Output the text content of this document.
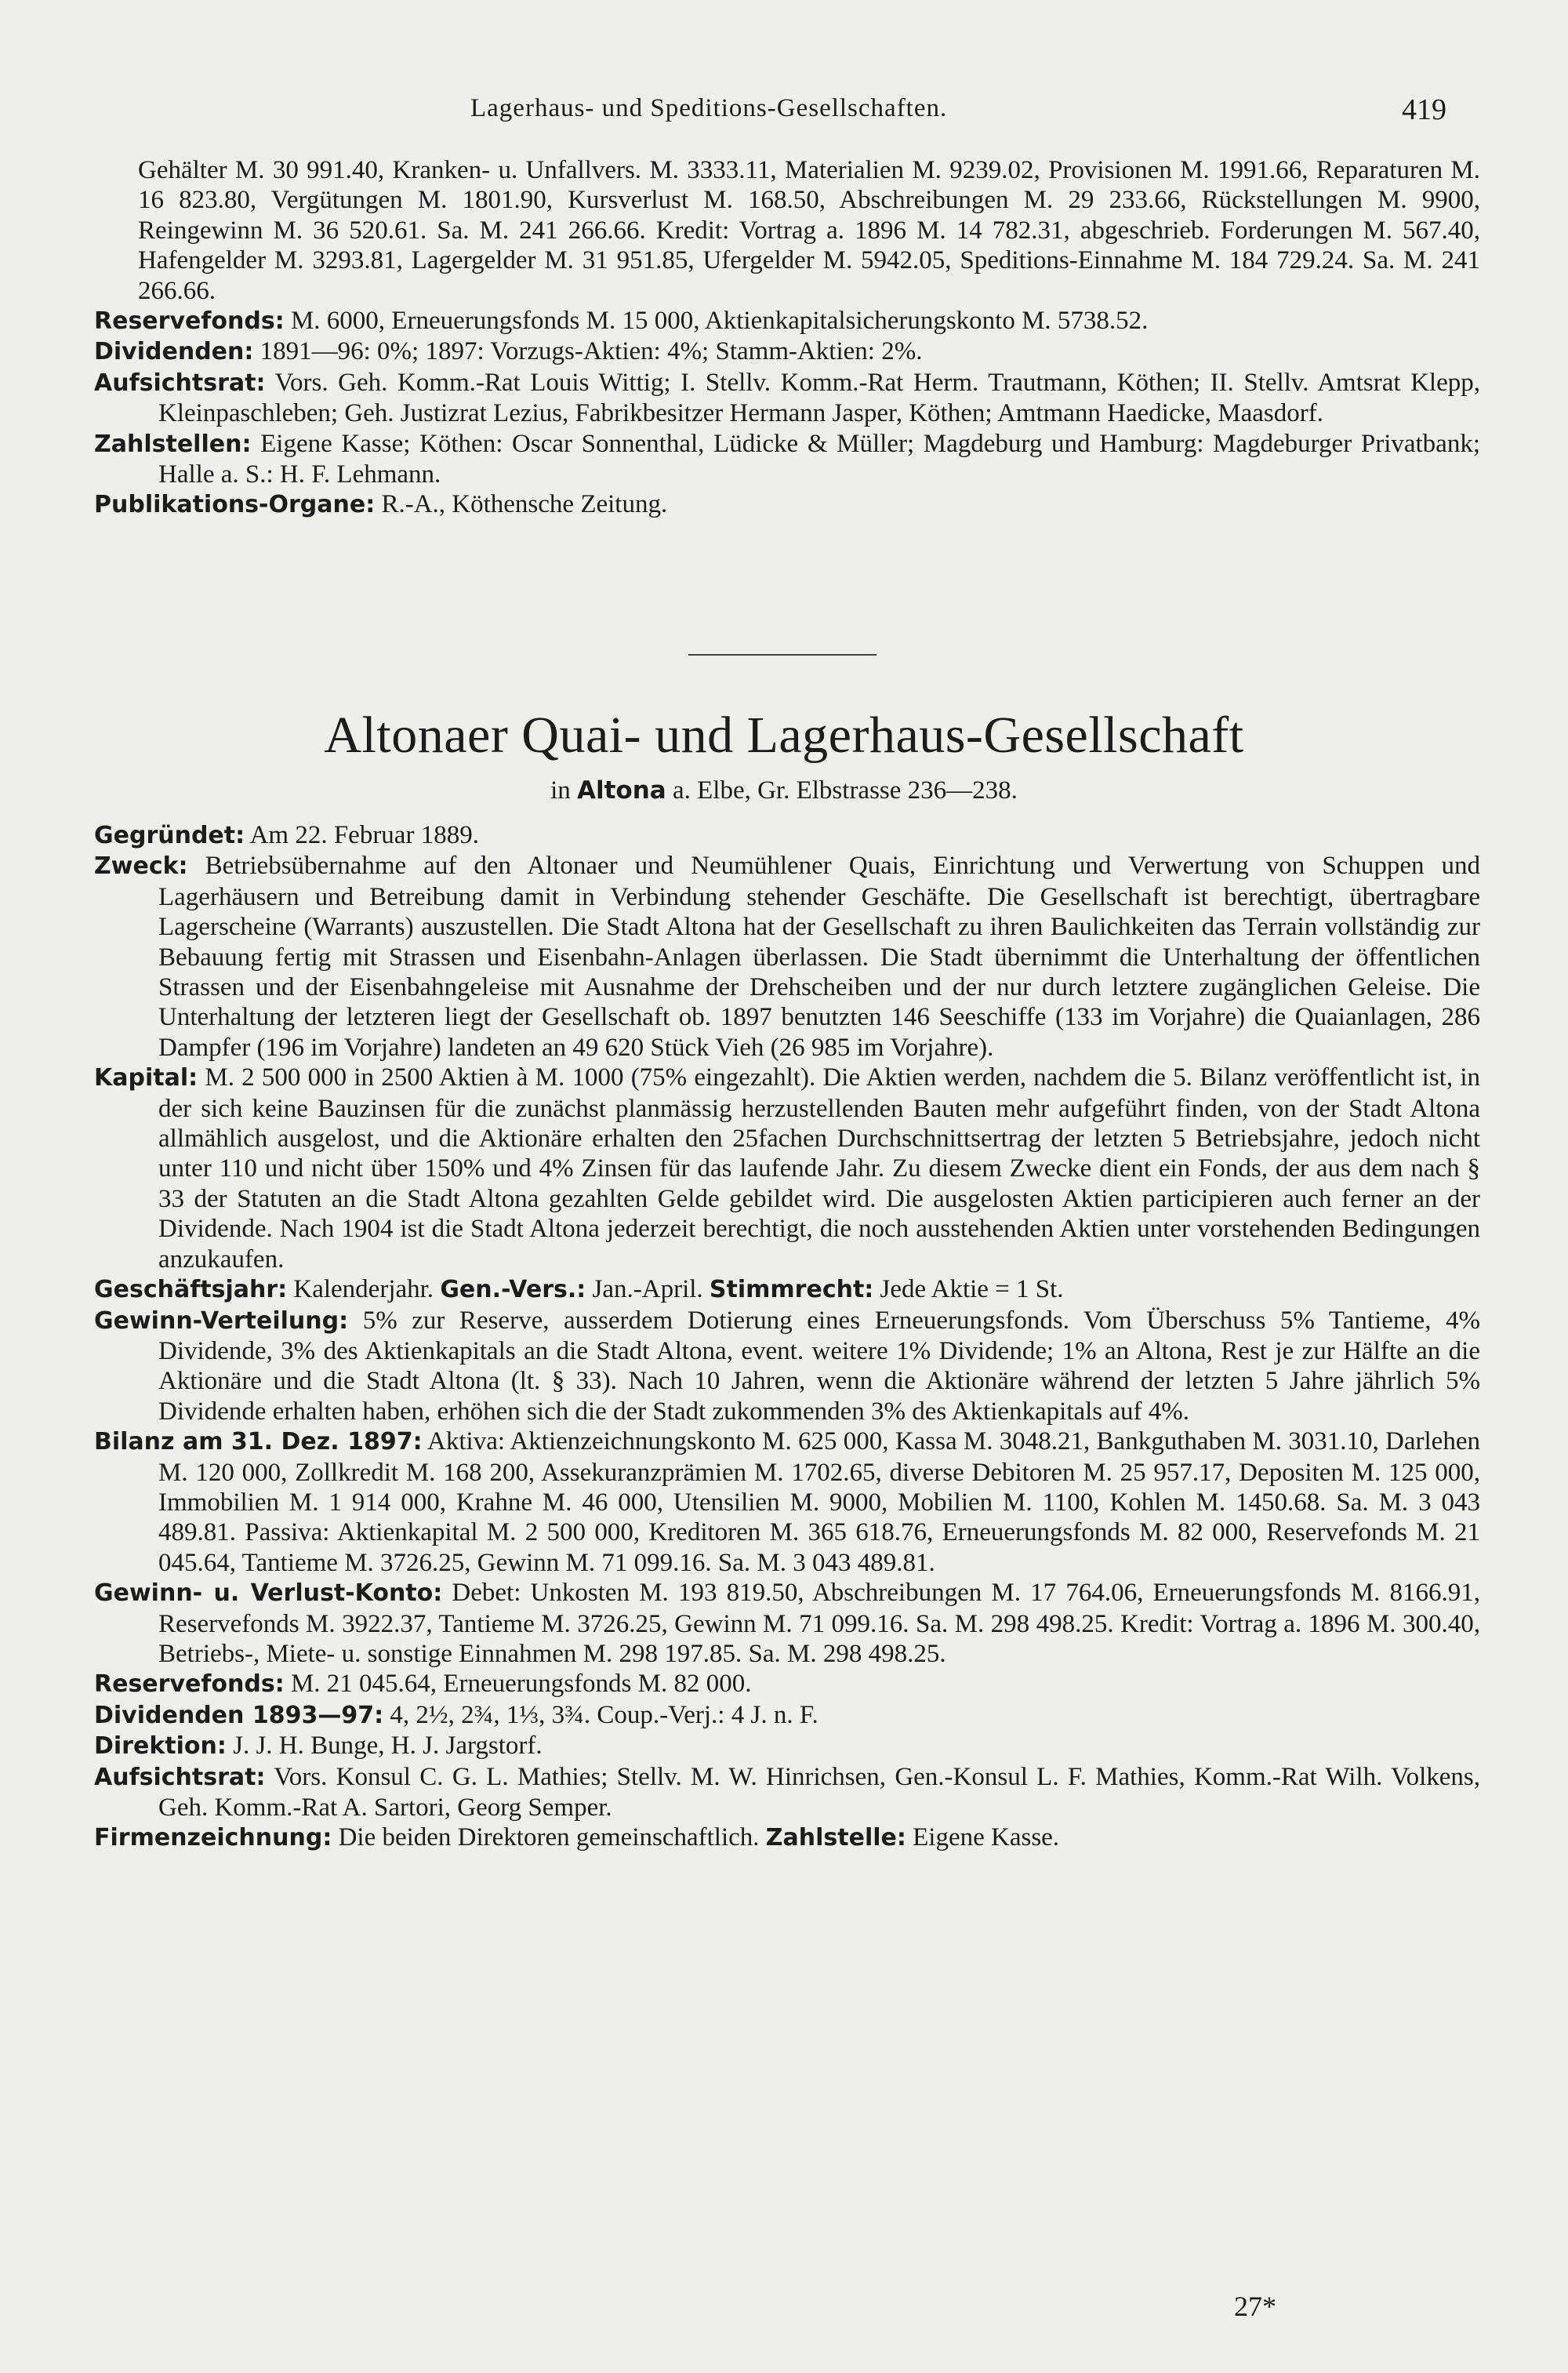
Lagerhaus- und Speditions-Gesellschaften.	419

Gehälter M. 30 991.40, Kranken- u. Unfallvers. M. 3333.11, Materialien M. 9239.02, Provisionen M. 1991.66, Reparaturen M. 16 823.80, Vergütungen M. 1801.90, Kursverlust M. 168.50, Abschreibungen M. 29 233.66, Rückstellungen M. 9900, Reingewinn M. 36 520.61. Sa. M. 241 266.66. Kredit: Vortrag a. 1896 M. 14 782.31, abgeschrieb. Forderungen M. 567.40, Hafengelder M. 3293.81, Lagergelder M. 31 951.85, Ufergelder M. 5942.05, Speditions-Einnahme M. 184 729.24. Sa. M. 241 266.66.

Reservefonds: M. 6000, Erneuerungsfonds M. 15 000, Aktienkapitalsicherungskonto M. 5738.52.

Dividenden: 1891—96: 0%; 1897: Vorzugs-Aktien: 4%; Stamm-Aktien: 2%.

Aufsichtsrat: Vors. Geh. Komm.-Rat Louis Wittig; I. Stellv. Komm.-Rat Herm. Trautmann, Köthen; II. Stellv. Amtsrat Klepp, Kleinpaschleben; Geh. Justizrat Lezius, Fabrikbesitzer Hermann Jasper, Köthen; Amtmann Haedicke, Maasdorf.

Zahlstellen: Eigene Kasse; Köthen: Oscar Sonnenthal, Lüdicke & Müller; Magdeburg und Hamburg: Magdeburger Privatbank; Halle a. S.: H. F. Lehmann.

Publikations-Organe: R.-A., Köthensche Zeitung.

Altonaer Quai- und Lagerhaus-Gesellschaft
in Altona a. Elbe, Gr. Elbstrasse 236—238.

Gegründet: Am 22. Februar 1889.

Zweck: Betriebsübernahme auf den Altonaer und Neumühlener Quais, Einrichtung und Verwertung von Schuppen und Lagerhäusern und Betreibung damit in Verbindung stehender Geschäfte. Die Gesellschaft ist berechtigt, übertragbare Lagerscheine (Warrants) auszustellen. Die Stadt Altona hat der Gesellschaft zu ihren Baulichkeiten das Terrain vollständig zur Bebauung fertig mit Strassen und Eisenbahn-Anlagen überlassen. Die Stadt übernimmt die Unterhaltung der öffentlichen Strassen und der Eisenbahngeleise mit Ausnahme der Drehscheiben und der nur durch letztere zugänglichen Geleise. Die Unterhaltung der letzteren liegt der Gesellschaft ob. 1897 benutzten 146 Seeschiffe (133 im Vorjahre) die Quaianlagen, 286 Dampfer (196 im Vorjahre) landeten an 49 620 Stück Vieh (26 985 im Vorjahre).

Kapital: M. 2 500 000 in 2500 Aktien à M. 1000 (75% eingezahlt). Die Aktien werden, nachdem die 5. Bilanz veröffentlicht ist, in der sich keine Bauzinsen für die zunächst planmässig herzustellenden Bauten mehr aufgeführt finden, von der Stadt Altona allmählich ausgelost, und die Aktionäre erhalten den 25fachen Durchschnittsertrag der letzten 5 Betriebsjahre, jedoch nicht unter 110 und nicht über 150% und 4% Zinsen für das laufende Jahr. Zu diesem Zwecke dient ein Fonds, der aus dem nach § 33 der Statuten an die Stadt Altona gezahlten Gelde gebildet wird. Die ausgelosten Aktien participieren auch ferner an der Dividende. Nach 1904 ist die Stadt Altona jederzeit berechtigt, die noch ausstehenden Aktien unter vorstehenden Bedingungen anzukaufen.

Geschäftsjahr: Kalenderjahr. Gen.-Vers.: Jan.-April. Stimmrecht: Jede Aktie = 1 St.

Gewinn-Verteilung: 5% zur Reserve, ausserdem Dotierung eines Erneuerungsfonds. Vom Überschuss 5% Tantieme, 4% Dividende, 3% des Aktienkapitals an die Stadt Altona, event. weitere 1% Dividende; 1% an Altona, Rest je zur Hälfte an die Aktionäre und die Stadt Altona (lt. § 33). Nach 10 Jahren, wenn die Aktionäre während der letzten 5 Jahre jährlich 5% Dividende erhalten haben, erhöhen sich die der Stadt zukommenden 3% des Aktienkapitals auf 4%.

Bilanz am 31. Dez. 1897: Aktiva: Aktienzeichnungskonto M. 625 000, Kassa M. 3048.21, Bankguthaben M. 3031.10, Darlehen M. 120 000, Zollkredit M. 168 200, Assekuranzprämien M. 1702.65, diverse Debitoren M. 25 957.17, Depositen M. 125 000, Immobilien M. 1 914 000, Krahne M. 46 000, Utensilien M. 9000, Mobilien M. 1100, Kohlen M. 1450.68. Sa. M. 3 043 489.81. Passiva: Aktienkapital M. 2 500 000, Kreditoren M. 365 618.76, Erneuerungsfonds M. 82 000, Reservefonds M. 21 045.64, Tantieme M. 3726.25, Gewinn M. 71 099.16. Sa. M. 3 043 489.81.

Gewinn- u. Verlust-Konto: Debet: Unkosten M. 193 819.50, Abschreibungen M. 17 764.06, Erneuerungsfonds M. 8166.91, Reservefonds M. 3922.37, Tantieme M. 3726.25, Gewinn M. 71 099.16. Sa. M. 298 498.25. Kredit: Vortrag a. 1896 M. 300.40, Betriebs-, Miete- u. sonstige Einnahmen M. 298 197.85. Sa. M. 298 498.25.

Reservefonds: M. 21 045.64, Erneuerungsfonds M. 82 000.

Dividenden 1893—97: 4, 2½, 2¾, 1⅓, 3¾. Coup.-Verj.: 4 J. n. F.

Direktion: J. J. H. Bunge, H. J. Jargstorf.

Aufsichtsrat: Vors. Konsul C. G. L. Mathies; Stellv. M. W. Hinrichsen, Gen.-Konsul L. F. Mathies, Komm.-Rat Wilh. Volkens, Geh. Komm.-Rat A. Sartori, Georg Semper.

Firmenzeichnung: Die beiden Direktoren gemeinschaftlich. Zahlstelle: Eigene Kasse.

27*
